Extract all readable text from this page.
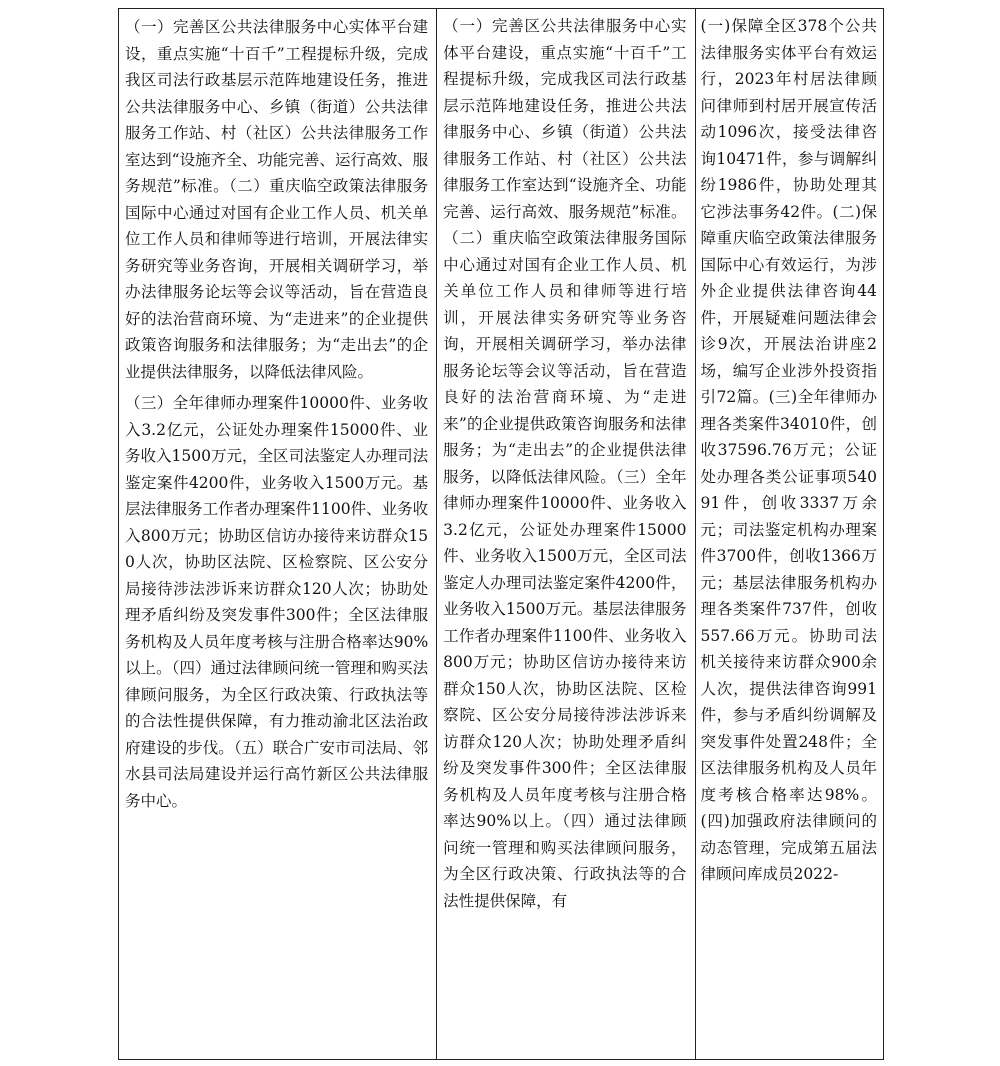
（一）完善区公共法律服务中心实体平台建设，重点实施“十百千”工程提标升级，完成我区司法行政基层示范阵地建设任务，推进公共法律服务中心、乡镇（街道）公共法律服务工作站、村（社区）公共法律服务工作室达到“设施齐全、功能完善、运行高效、服务规范”标准。（二）重庆临空政策法律服务国际中心通过对国有企业工作人员、机关单位工作人员和律师等进行培训，开展法律实务研究等业务咨询，开展相关调研学习，举办法律服务论坛等会议等活动，旨在营造良好的法治营商环境、为“走进来”的企业提供政策咨询服务和法律服务；为“走出去”的企业提供法律服务，以降低法律风险。

（三）全年律师办理案件10000件、业务收入3.2亿元，公证处办理案件15000件、业务收入1500万元，全区司法鉴定人办理司法鉴定案件4200件，业务收入1500万元。基层法律服务工作者办理案件1100件、业务收入800万元；协助区信访办接待来访群众150人次，协助区法院、区检察院、区公安分局接待涉法涉诉来访群众120人次；协助处理矛盾纠纷及突发事件300件；全区法律服务机构及人员年度考核与注册合格率达90%以上。（四）通过法律顾问统一管理和购买法律顾问服务，为全区行政决策、行政执法等的合法性提供保障，有力推动渝北区法治政府建设的步伐。（五）联合广安市司法局、邻水县司法局建设并运行高竹新区公共法律服务中心。

（一）完善区公共法律服务中心实体平台建设，重点实施“十百千”工程提标升级，完成我区司法行政基层示范阵地建设任务，推进公共法律服务中心、乡镇（街道）公共法律服务工作站、村（社区）公共法律服务工作室达到“设施齐全、功能完善、运行高效、服务规范”标准。（二）重庆临空政策法律服务国际中心通过对国有企业工作人员、机关单位工作人员和律师等进行培训，开展法律实务研究等业务咨询，开展相关调研学习，举办法律服务论坛等会议等活动，旨在营造良好的法治营商环境、为“走进来”的企业提供政策咨询服务和法律服务；为“走出去”的企业提供法律服务，以降低法律风险。（三）全年律师办理案件10000件、业务收入3.2亿元，公证处办理案件15000件、业务收入1500万元，全区司法鉴定人办理司法鉴定案件4200件，业务收入1500万元。基层法律服务工作者办理案件1100件、业务收入800万元；协助区信访办接待来访群众150人次，协助区法院、区检察院、区公安分局接待涉法涉诉来访群众120人次；协助处理矛盾纠纷及突发事件300件；全区法律服务机构及人员年度考核与注册合格率达90%以上。（四）通过法律顾问统一管理和购买法律顾问服务，为全区行政决策、行政执法等的合法性提供保障，有

(一)保障全区378个公共法律服务实体平台有效运行，2023年村居法律顾问律师到村居开展宣传活动1096次，接受法律咨询10471件，参与调解纠纷1986件，协助处理其它涉法事务42件。(二)保障重庆临空政策法律服务国际中心有效运行，为涉外企业提供法律咨询44件，开展疑难问题法律会诊9次，开展法治讲座2场，编写企业涉外投资指引72篇。(三)全年律师办理各类案件34010件，创收37596.76万元；公证处办理各类公证事项54091件，创收3337万余元；司法鉴定机构办理案件3700件，创收1366万元；基层法律服务机构办理各类案件737件，创收557.66万元。协助司法机关接待来访群众900余人次，提供法律咨询991件，参与矛盾纠纷调解及突发事件处置248件；全区法律服务机构及人员年度考核合格率达98%。(四)加强政府法律顾问的动态管理，完成第五届法律顾问库成员2022-
